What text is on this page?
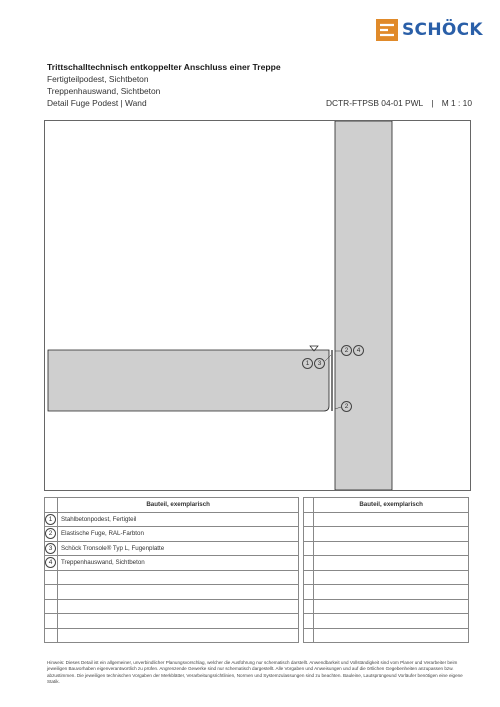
SCHÖCK
Trittschalltechnisch entkoppelter Anschluss einer Treppe
Fertigteilpodest, Sichtbeton
Treppenhauswand, Sichtbeton
Detail Fuge Podest | Wand	DCTR-FTPSB 04-01 PWL | M 1 : 10
2 4
1 3
2
	Bauteil, exemplarisch			Bauteil, exemplarisch
1	Stahlbetonpodest, Fertigteil			
2	Elastische Fuge, RAL-Farbton			
3	Schöck Tronsole® Typ L, Fugenplatte			
4	Treppenhauswand, Sichtbeton			

Hinweis: Dieses Detail ist ein allgemeiner, unverbindlicher Planungsvorschlag, welcher die Ausführung nur schematisch darstellt. Anwendbarkeit und Vollständigkeit sind vom Planer und Verarbeiter beim jeweiligen Bauvorhaben eigenverantwortlich zu prüfen. Angrenzende Gewerke sind nur schematisch dargestellt. Alle Vorgaben und Anweisungen und auf die örtlichen Gegebenheiten anzupassen bzw. abzustimmen. Die jeweiligen technischen Vorgaben der Merkblätter, Verarbeitungsrichtlinien, Normen und Systemzulassungen sind zu beachten. Bauleine, Lautsprüngeund Vorläufer benötigen eine eigene Statik.
